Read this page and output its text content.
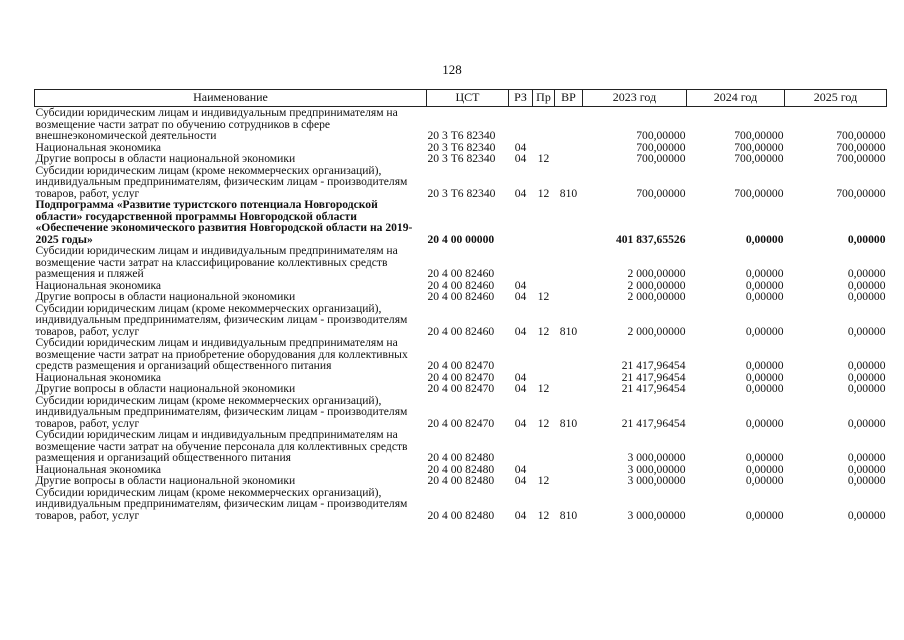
128
Наименование	ЦСТ	РЗ	Пр	ВР	2023 год	2024 год	2025 год
Субсидии юридическим лицам и индивидуальным предпринимателям на возмещение части затрат по обучению сотрудников в сфере внешнеэкономической деятельности	20 3 Т6 82340				700,00000	700,00000	700,00000
Национальная экономика	20 3 Т6 82340	04			700,00000	700,00000	700,00000
Другие вопросы в области национальной экономики	20 3 Т6 82340	04	12		700,00000	700,00000	700,00000
Субсидии юридическим лицам (кроме некоммерческих организаций), индивидуальным предпринимателям, физическим лицам - производителям товаров, работ, услуг	20 3 Т6 82340	04	12	810	700,00000	700,00000	700,00000
Подпрограмма «Развитие туристского потенциала Новгородской области» государственной программы Новгородской области «Обеспечение экономического развития Новгородской области на 2019-2025 годы»	20 4 00 00000				401 837,65526	0,00000	0,00000
Субсидии юридическим лицам и индивидуальным предпринимателям на возмещение части затрат на классифицирование коллективных средств размещения и пляжей	20 4 00 82460				2 000,00000	0,00000	0,00000
Национальная экономика	20 4 00 82460	04			2 000,00000	0,00000	0,00000
Другие вопросы в области национальной экономики	20 4 00 82460	04	12		2 000,00000	0,00000	0,00000
Субсидии юридическим лицам (кроме некоммерческих организаций), индивидуальным предпринимателям, физическим лицам - производителям товаров, работ, услуг	20 4 00 82460	04	12	810	2 000,00000	0,00000	0,00000
Субсидии юридическим лицам и индивидуальным предпринимателям на возмещение части затрат на приобретение оборудования для коллективных средств размещения и организаций общественного питания	20 4 00 82470				21 417,96454	0,00000	0,00000
Национальная экономика	20 4 00 82470	04			21 417,96454	0,00000	0,00000
Другие вопросы в области национальной экономики	20 4 00 82470	04	12		21 417,96454	0,00000	0,00000
Субсидии юридическим лицам (кроме некоммерческих организаций), индивидуальным предпринимателям, физическим лицам - производителям товаров, работ, услуг	20 4 00 82470	04	12	810	21 417,96454	0,00000	0,00000
Субсидии юридическим лицам и индивидуальным предпринимателям на возмещение части затрат на обучение персонала для коллективных средств размещения и организаций общественного питания	20 4 00 82480				3 000,00000	0,00000	0,00000
Национальная экономика	20 4 00 82480	04			3 000,00000	0,00000	0,00000
Другие вопросы в области национальной экономики	20 4 00 82480	04	12		3 000,00000	0,00000	0,00000
Субсидии юридическим лицам (кроме некоммерческих организаций), индивидуальным предпринимателям, физическим лицам - производителям товаров, работ, услуг	20 4 00 82480	04	12	810	3 000,00000	0,00000	0,00000
